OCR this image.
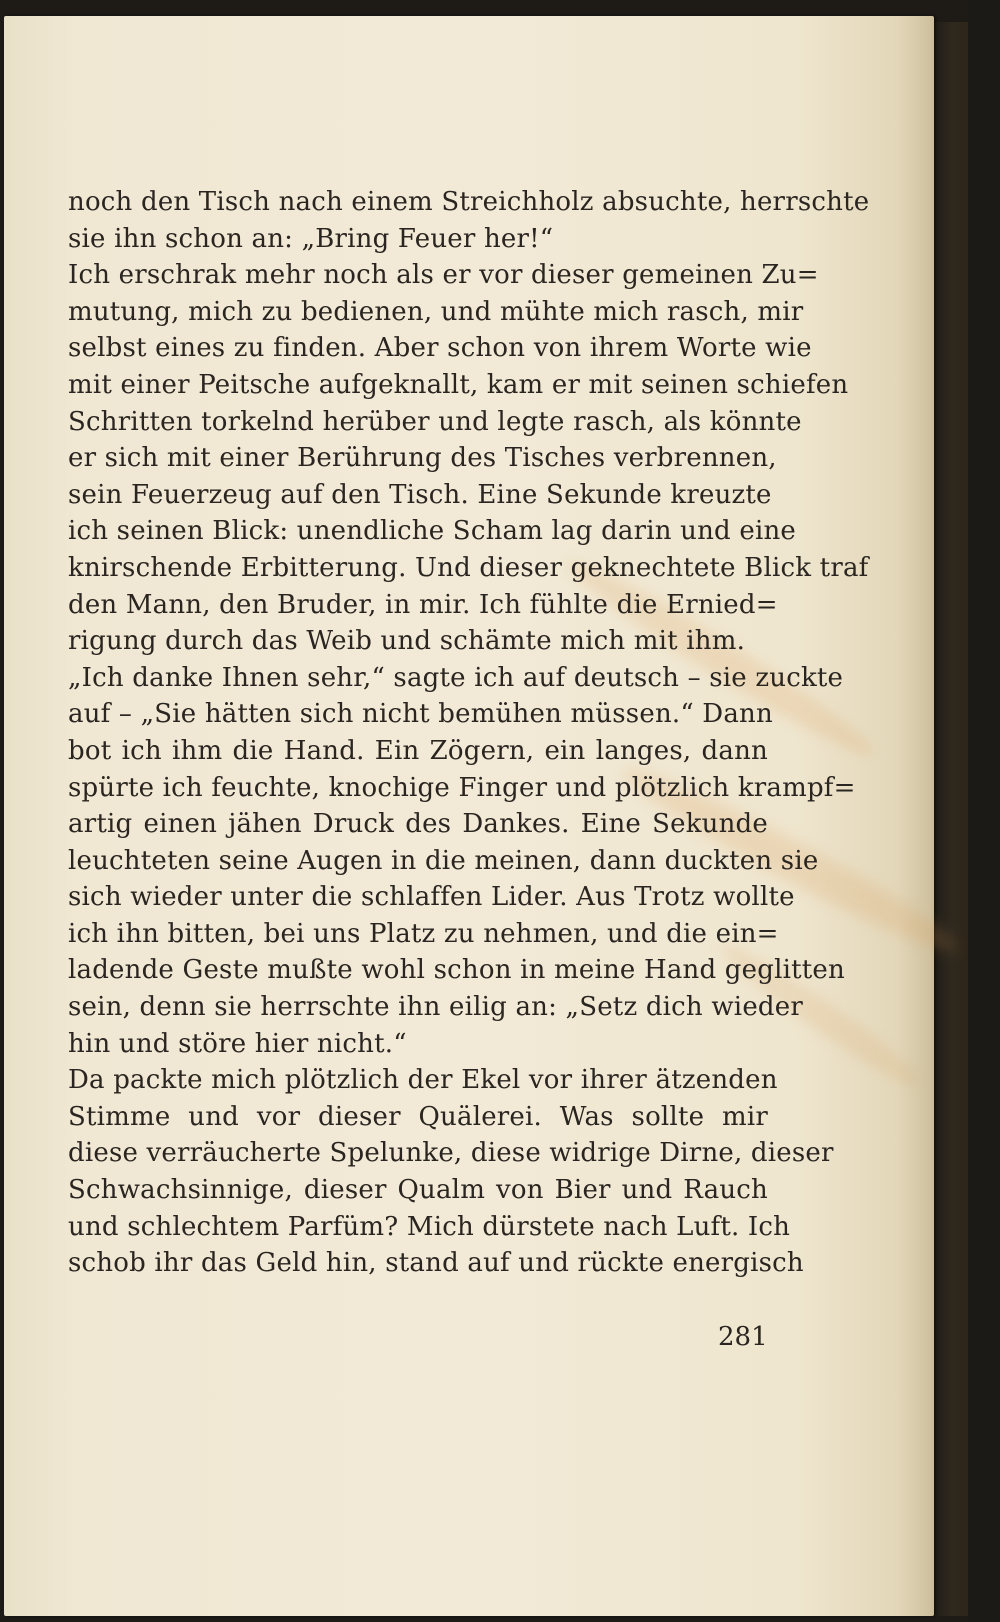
noch den Tisch nach einem Streichholz absuchte, herrschte
sie ihn schon an: „Bring Feuer her!“
Ich erschrak mehr noch als er vor dieser gemeinen Zu=
mutung, mich zu bedienen, und mühte mich rasch, mir
selbst eines zu finden. Aber schon von ihrem Worte wie
mit einer Peitsche aufgeknallt, kam er mit seinen schiefen
Schritten torkelnd herüber und legte rasch, als könnte
er sich mit einer Berührung des Tisches verbrennen,
sein Feuerzeug auf den Tisch. Eine Sekunde kreuzte
ich seinen Blick: unendliche Scham lag darin und eine
knirschende Erbitterung. Und dieser geknechtete Blick traf
den Mann, den Bruder, in mir. Ich fühlte die Ernied=
rigung durch das Weib und schämte mich mit ihm.
„Ich danke Ihnen sehr,“ sagte ich auf deutsch – sie zuckte
auf – „Sie hätten sich nicht bemühen müssen.“ Dann
bot ich ihm die Hand. Ein Zögern, ein langes, dann
spürte ich feuchte, knochige Finger und plötzlich krampf=
artig einen jähen Druck des Dankes. Eine Sekunde
leuchteten seine Augen in die meinen, dann duckten sie
sich wieder unter die schlaffen Lider. Aus Trotz wollte
ich ihn bitten, bei uns Platz zu nehmen, und die ein=
ladende Geste mußte wohl schon in meine Hand geglitten
sein, denn sie herrschte ihn eilig an: „Setz dich wieder
hin und störe hier nicht.“
Da packte mich plötzlich der Ekel vor ihrer ätzenden
Stimme und vor dieser Quälerei. Was sollte mir
diese verräucherte Spelunke, diese widrige Dirne, dieser
Schwachsinnige, dieser Qualm von Bier und Rauch
und schlechtem Parfüm? Mich dürstete nach Luft. Ich
schob ihr das Geld hin, stand auf und rückte energisch
281
